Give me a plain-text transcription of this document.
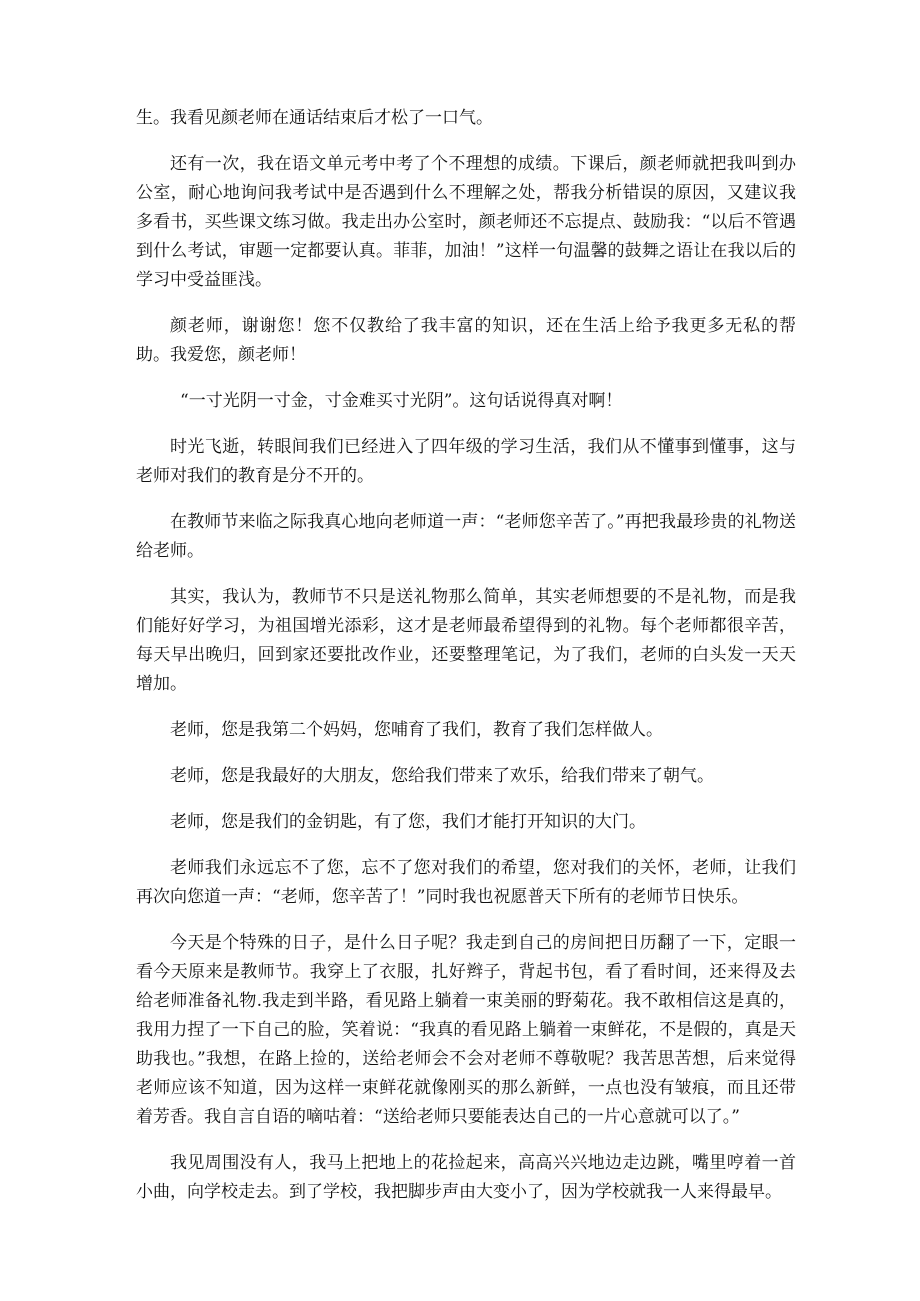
生。我看见颜老师在通话结束后才松了一口气。

还有一次，我在语文单元考中考了个不理想的成绩。下课后，颜老师就把我叫到办公室，耐心地询问我考试中是否遇到什么不理解之处，帮我分析错误的原因，又建议我多看书，买些课文练习做。我走出办公室时，颜老师还不忘提点、鼓励我：“以后不管遇到什么考试，审题一定都要认真。菲菲，加油！”这样一句温馨的鼓舞之语让在我以后的学习中受益匪浅。

颜老师，谢谢您！您不仅教给了我丰富的知识，还在生活上给予我更多无私的帮助。我爱您，颜老师！

“一寸光阴一寸金，寸金难买寸光阴”。这句话说得真对啊！

时光飞逝，转眼间我们已经进入了四年级的学习生活，我们从不懂事到懂事，这与老师对我们的教育是分不开的。

在教师节来临之际我真心地向老师道一声：“老师您辛苦了。”再把我最珍贵的礼物送给老师。

其实，我认为，教师节不只是送礼物那么简单，其实老师想要的不是礼物，而是我们能好好学习，为祖国增光添彩，这才是老师最希望得到的礼物。每个老师都很辛苦，每天早出晚归，回到家还要批改作业，还要整理笔记，为了我们，老师的白头发一天天增加。

老师，您是我第二个妈妈，您哺育了我们，教育了我们怎样做人。

老师，您是我最好的大朋友，您给我们带来了欢乐，给我们带来了朝气。

老师，您是我们的金钥匙，有了您，我们才能打开知识的大门。

老师我们永远忘不了您，忘不了您对我们的希望，您对我们的关怀，老师，让我们再次向您道一声：“老师，您辛苦了！”同时我也祝愿普天下所有的老师节日快乐。

今天是个特殊的日子，是什么日子呢？我走到自己的房间把日历翻了一下，定眼一看今天原来是教师节。我穿上了衣服，扎好辫子，背起书包，看了看时间，还来得及去给老师准备礼物.我走到半路，看见路上躺着一束美丽的野菊花。我不敢相信这是真的，我用力捏了一下自己的脸，笑着说：“我真的看见路上躺着一束鲜花，不是假的，真是天助我也。”我想，在路上捡的，送给老师会不会对老师不尊敬呢？我苦思苦想，后来觉得老师应该不知道，因为这样一束鲜花就像刚买的那么新鲜，一点也没有皱痕，而且还带着芳香。我自言自语的嘀咕着：“送给老师只要能表达自己的一片心意就可以了。”

我见周围没有人，我马上把地上的花捡起来，高高兴兴地边走边跳，嘴里哼着一首小曲，向学校走去。到了学校，我把脚步声由大变小了，因为学校就我一人来得最早。
